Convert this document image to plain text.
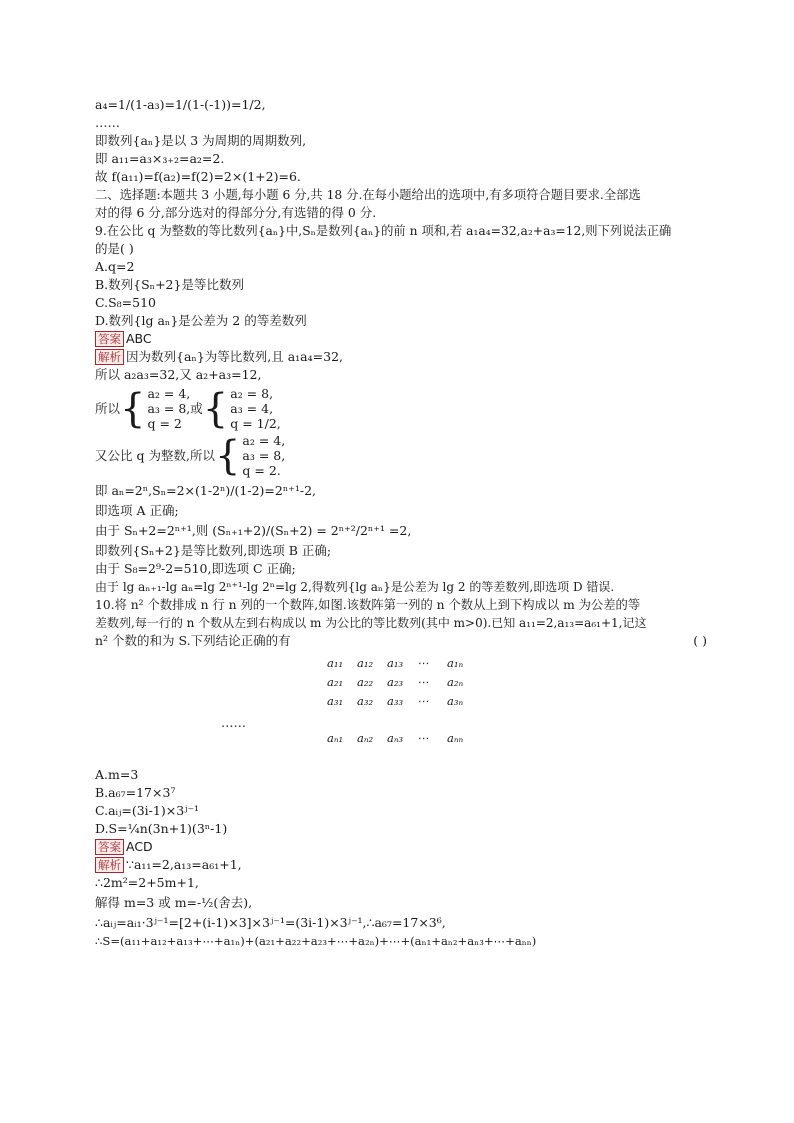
a₄=1/(1-a₃)=1/(1-(-1))=1/2,
……
即数列{aₙ}是以 3 为周期的周期数列,
即 a₁₁=a₃×₃₊₂=a₂=2.
故 f(a₁₁)=f(a₂)=f(2)=2×(1+2)=6.
二、选择题:本题共 3 小题,每小题 6 分,共 18 分.在每小题给出的选项中,有多项符合题目要求.全部选
对的得 6 分,部分选对的得部分分,有选错的得 0 分.
9.在公比 q 为整数的等比数列{aₙ}中,Sₙ是数列{aₙ}的前 n 项和,若 a₁a₄=32,a₂+a₃=12,则下列说法正确
的是( )
A.q=2
B.数列{Sₙ+2}是等比数列
C.S₈=510
D.数列{lg aₙ}是公差为 2 的等差数列
答案 ABC
解析 因为数列{aₙ}为等比数列,且 a₁a₄=32,
所以 a₂a₃=32,又 a₂+a₃=12,
所以 { a₂ = 4,
a₃ = 8,
q = 2
或 { a₂ = 8,
a₃ = 4,
q = 1/2,
又公比 q 为整数,所以 { a₂ = 4,
a₃ = 8,
q = 2.
即 aₙ=2ⁿ,Sₙ=2×(1-2ⁿ)/(1-2)=2ⁿ⁺¹-2,
即选项 A 正确;
由于 Sₙ+2=2ⁿ⁺¹,则 (Sₙ₊₁+2)/(Sₙ+2) = 2ⁿ⁺²/2ⁿ⁺¹ =2,
即数列{Sₙ+2}是等比数列,即选项 B 正确;
由于 S₈=2⁹-2=510,即选项 C 正确;
由于 lg aₙ₊₁-lg aₙ=lg 2ⁿ⁺¹-lg 2ⁿ=lg 2,得数列{lg aₙ}是公差为 lg 2 的等差数列,即选项 D 错误.
10.将 n² 个数排成 n 行 n 列的一个数阵,如图.该数阵第一列的 n 个数从上到下构成以 m 为公差的等
差数列,每一行的 n 个数从左到右构成以 m 为公比的等比数列(其中 m>0).已知 a₁₁=2,a₁₃=a₆₁+1,记这
n² 个数的和为 S.下列结论正确的有	( )
a₁₁	a₁₂	a₁₃	⋯	a₁ₙ
a₂₁	a₂₂	a₂₃	⋯	a₂ₙ
a₃₁	a₃₂	a₃₃	⋯	a₃ₙ
aₙ₁	aₙ₂	aₙ₃	⋯	aₙₙ
……
A.m=3
B.a₆₇=17×3⁷
C.aᵢⱼ=(3i-1)×3ʲ⁻¹
D.S=¼n(3n+1)(3ⁿ-1)
答案 ACD
解析 ∵a₁₁=2,a₁₃=a₆₁+1,
∴2m²=2+5m+1,
解得 m=3 或 m=-½(舍去),
∴aᵢⱼ=aᵢ₁·3ʲ⁻¹=[2+(i-1)×3]×3ʲ⁻¹=(3i-1)×3ʲ⁻¹,∴a₆₇=17×3⁶,
∴S=(a₁₁+a₁₂+a₁₃+⋯+a₁ₙ)+(a₂₁+a₂₂+a₂₃+⋯+a₂ₙ)+⋯+(aₙ₁+aₙ₂+aₙ₃+⋯+aₙₙ)
